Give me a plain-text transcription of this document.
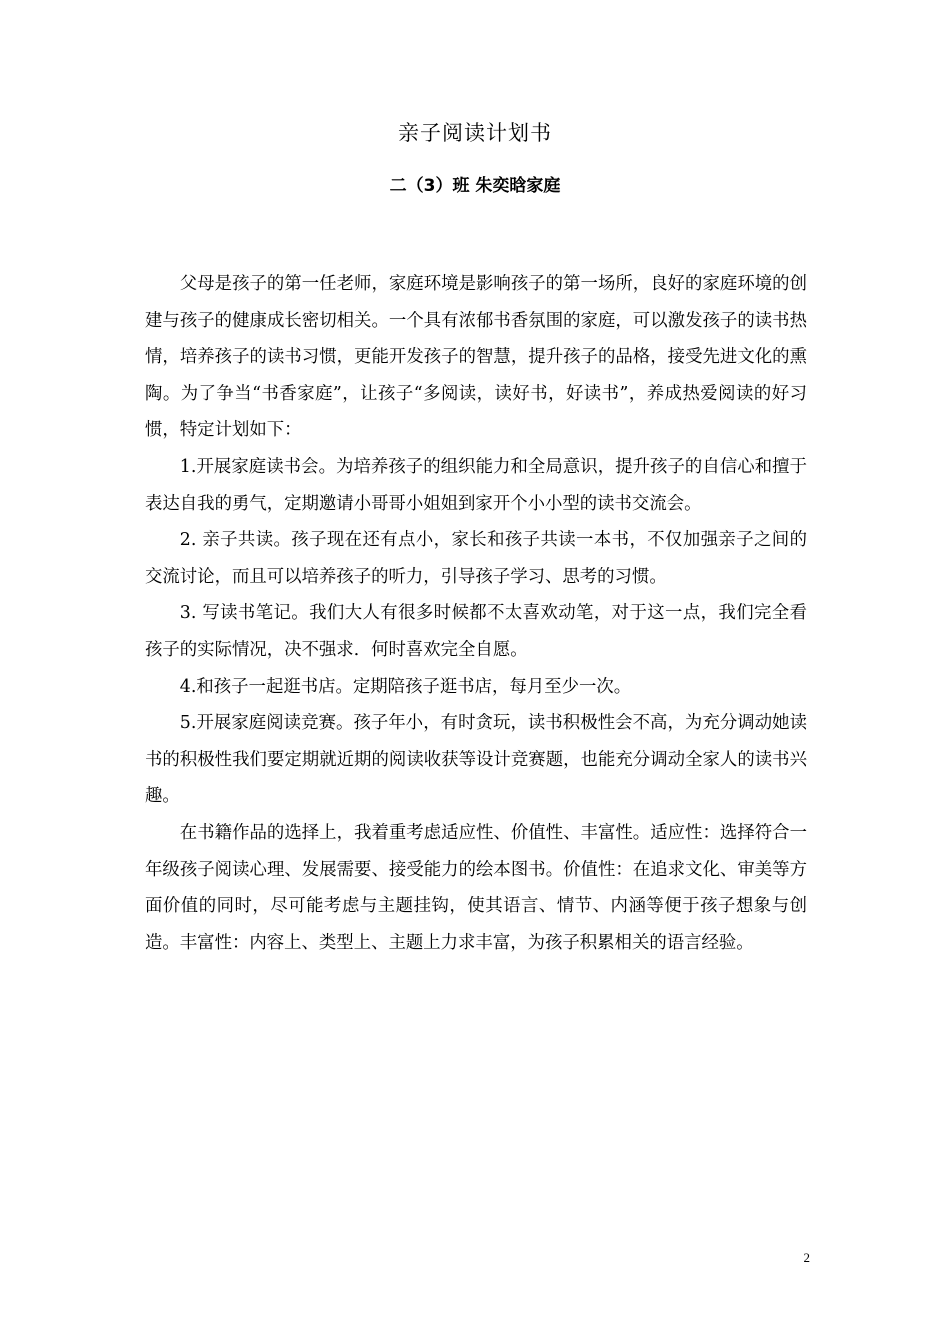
亲子阅读计划书
二（3）班 朱奕晗家庭

父母是孩子的第一任老师，家庭环境是影响孩子的第一场所，良好的家庭环境的创建与孩子的健康成长密切相关。一个具有浓郁书香氛围的家庭，可以激发孩子的读书热情，培养孩子的读书习惯，更能开发孩子的智慧，提升孩子的品格，接受先进文化的熏陶。为了争当“书香家庭”，让孩子“多阅读，读好书，好读书”，养成热爱阅读的好习惯，特定计划如下：

1.开展家庭读书会。为培养孩子的组织能力和全局意识，提升孩子的自信心和擅于表达自我的勇气，定期邀请小哥哥小姐姐到家开个小小型的读书交流会。

2. 亲子共读。孩子现在还有点小，家长和孩子共读一本书，不仅加强亲子之间的交流讨论，而且可以培养孩子的听力，引导孩子学习、思考的习惯。

3. 写读书笔记。我们大人有很多时候都不太喜欢动笔，对于这一点，我们完全看孩子的实际情况，决不强求．何时喜欢完全自愿。

4.和孩子一起逛书店。定期陪孩子逛书店，每月至少一次。

5.开展家庭阅读竞赛。孩子年小，有时贪玩，读书积极性会不高，为充分调动她读书的积极性我们要定期就近期的阅读收获等设计竞赛题，也能充分调动全家人的读书兴趣。

在书籍作品的选择上，我着重考虑适应性、价值性、丰富性。适应性：选择符合一年级孩子阅读心理、发展需要、接受能力的绘本图书。价值性：在追求文化、审美等方面价值的同时，尽可能考虑与主题挂钩，使其语言、情节、内涵等便于孩子想象与创造。丰富性：内容上、类型上、主题上力求丰富，为孩子积累相关的语言经验。

2
